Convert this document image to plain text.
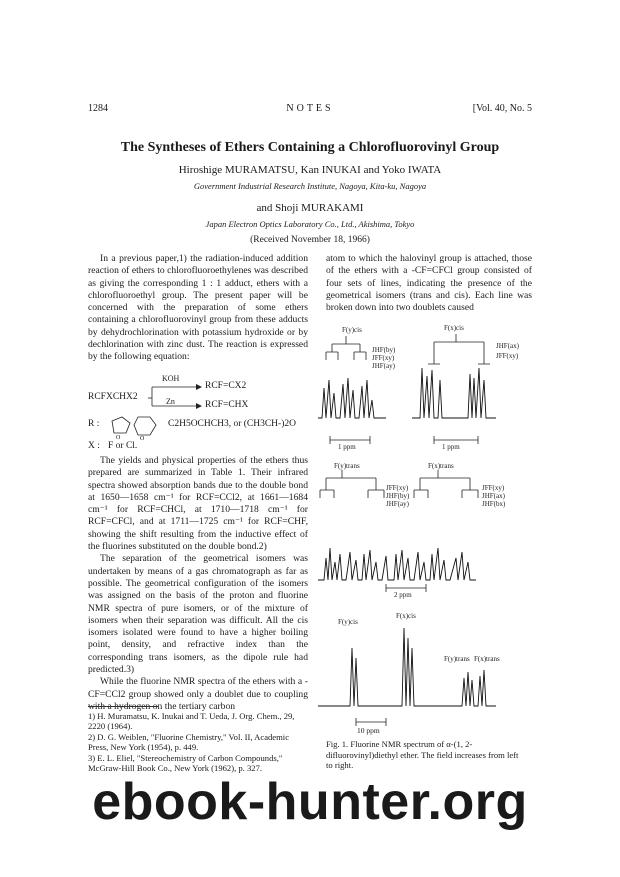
1284	NOTES	[Vol. 40, No. 5
The Syntheses of Ethers Containing a Chlorofluorovinyl Group
Hiroshige MURAMATSU, Kan INUKAI and Yoko IWATA
Government Industrial Research Institute, Nagoya, Kita-ku, Nagoya
and Shoji MURAKAMI
Japan Electron Optics Laboratory Co., Ltd., Akishima, Tokyo
(Received November 18, 1966)

In a previous paper,1) the radiation-induced addition reaction of ethers to chlorofluoroethylenes was described as giving the corresponding 1 : 1 adduct, ethers with a chlorofluoroethyl group. The present paper will be concerned with the preparation of some ethers containing a chlorofluorovinyl group from these adducts by dehydrochlorination with potassium hydroxide or by dechlorination with zinc dust. The reaction is expressed by the following equation:

RCFXCHX2
KOH
Zn
RCF=CX2
RCF=CHX
R :
O	O
C2H5OCHCH3, or (CH3CH-)2O
X : F or Cl.

The yields and physical properties of the ethers thus prepared are summarized in Table 1. Their infrared spectra showed absorption bands due to the double bond at 1650—1658 cm⁻¹ for RCF=CCl2, at 1661—1684 cm⁻¹ for RCF=CHCl, at 1710—1718 cm⁻¹ for RCF=CFCl, and at 1711—1725 cm⁻¹ for RCF=CHF, showing the shift resulting from the inductive effect of the fluorines substituted on the double bond.2)

The separation of the geometrical isomers was undertaken by means of a gas chromatograph as far as possible. The geometrical configuration of the isomers was assigned on the basis of the proton and fluorine NMR spectra of pure isomers, or of the mixture of isomers when their separation was difficult. All the cis isomers isolated were found to have a higher boiling point, density, and refractive index than the corresponding trans isomers, as the dipole rule had predicted.3)

While the fluorine NMR spectra of the ethers with a -CF=CCl2 group showed only a doublet due to coupling with a hydrogen on the tertiary carbon

1) H. Muramatsu, K. Inukai and T. Ueda, J. Org. Chem., 29, 2220 (1964).
2) D. G. Weiblen, "Fluorine Chemistry," Vol. II, Academic Press, New York (1954), p. 449.
3) E. L. Eliel, "Stereochemistry of Carbon Compounds," McGraw-Hill Book Co., New York (1962), p. 327.

atom to which the halovinyl group is attached, those of the ethers with a -CF=CFCl group consisted of four sets of lines, indicating the presence of the geometrical isomers (trans and cis). Each line was broken down into two doublets caused

F(y)cis	F(x)cis
JHF(by)
JFF(xy)
JHF(ay)
JHF(ax)
JFF(xy)
1 ppm	1 ppm
F(y)trans	F(x)trans
JFF(xy)
JHF(by)
JHF(ay)
JFF(xy)
JHF(ax)
JHF(bx)
2 ppm
F(y)cis
F(x)cis
F(y)trans F(x)trans
10 ppm
Fig. 1. Fluorine NMR spectrum of α-(1, 2-difluorovinyl)diethyl ether. The field increases from left to right.
ebook-hunter.org
